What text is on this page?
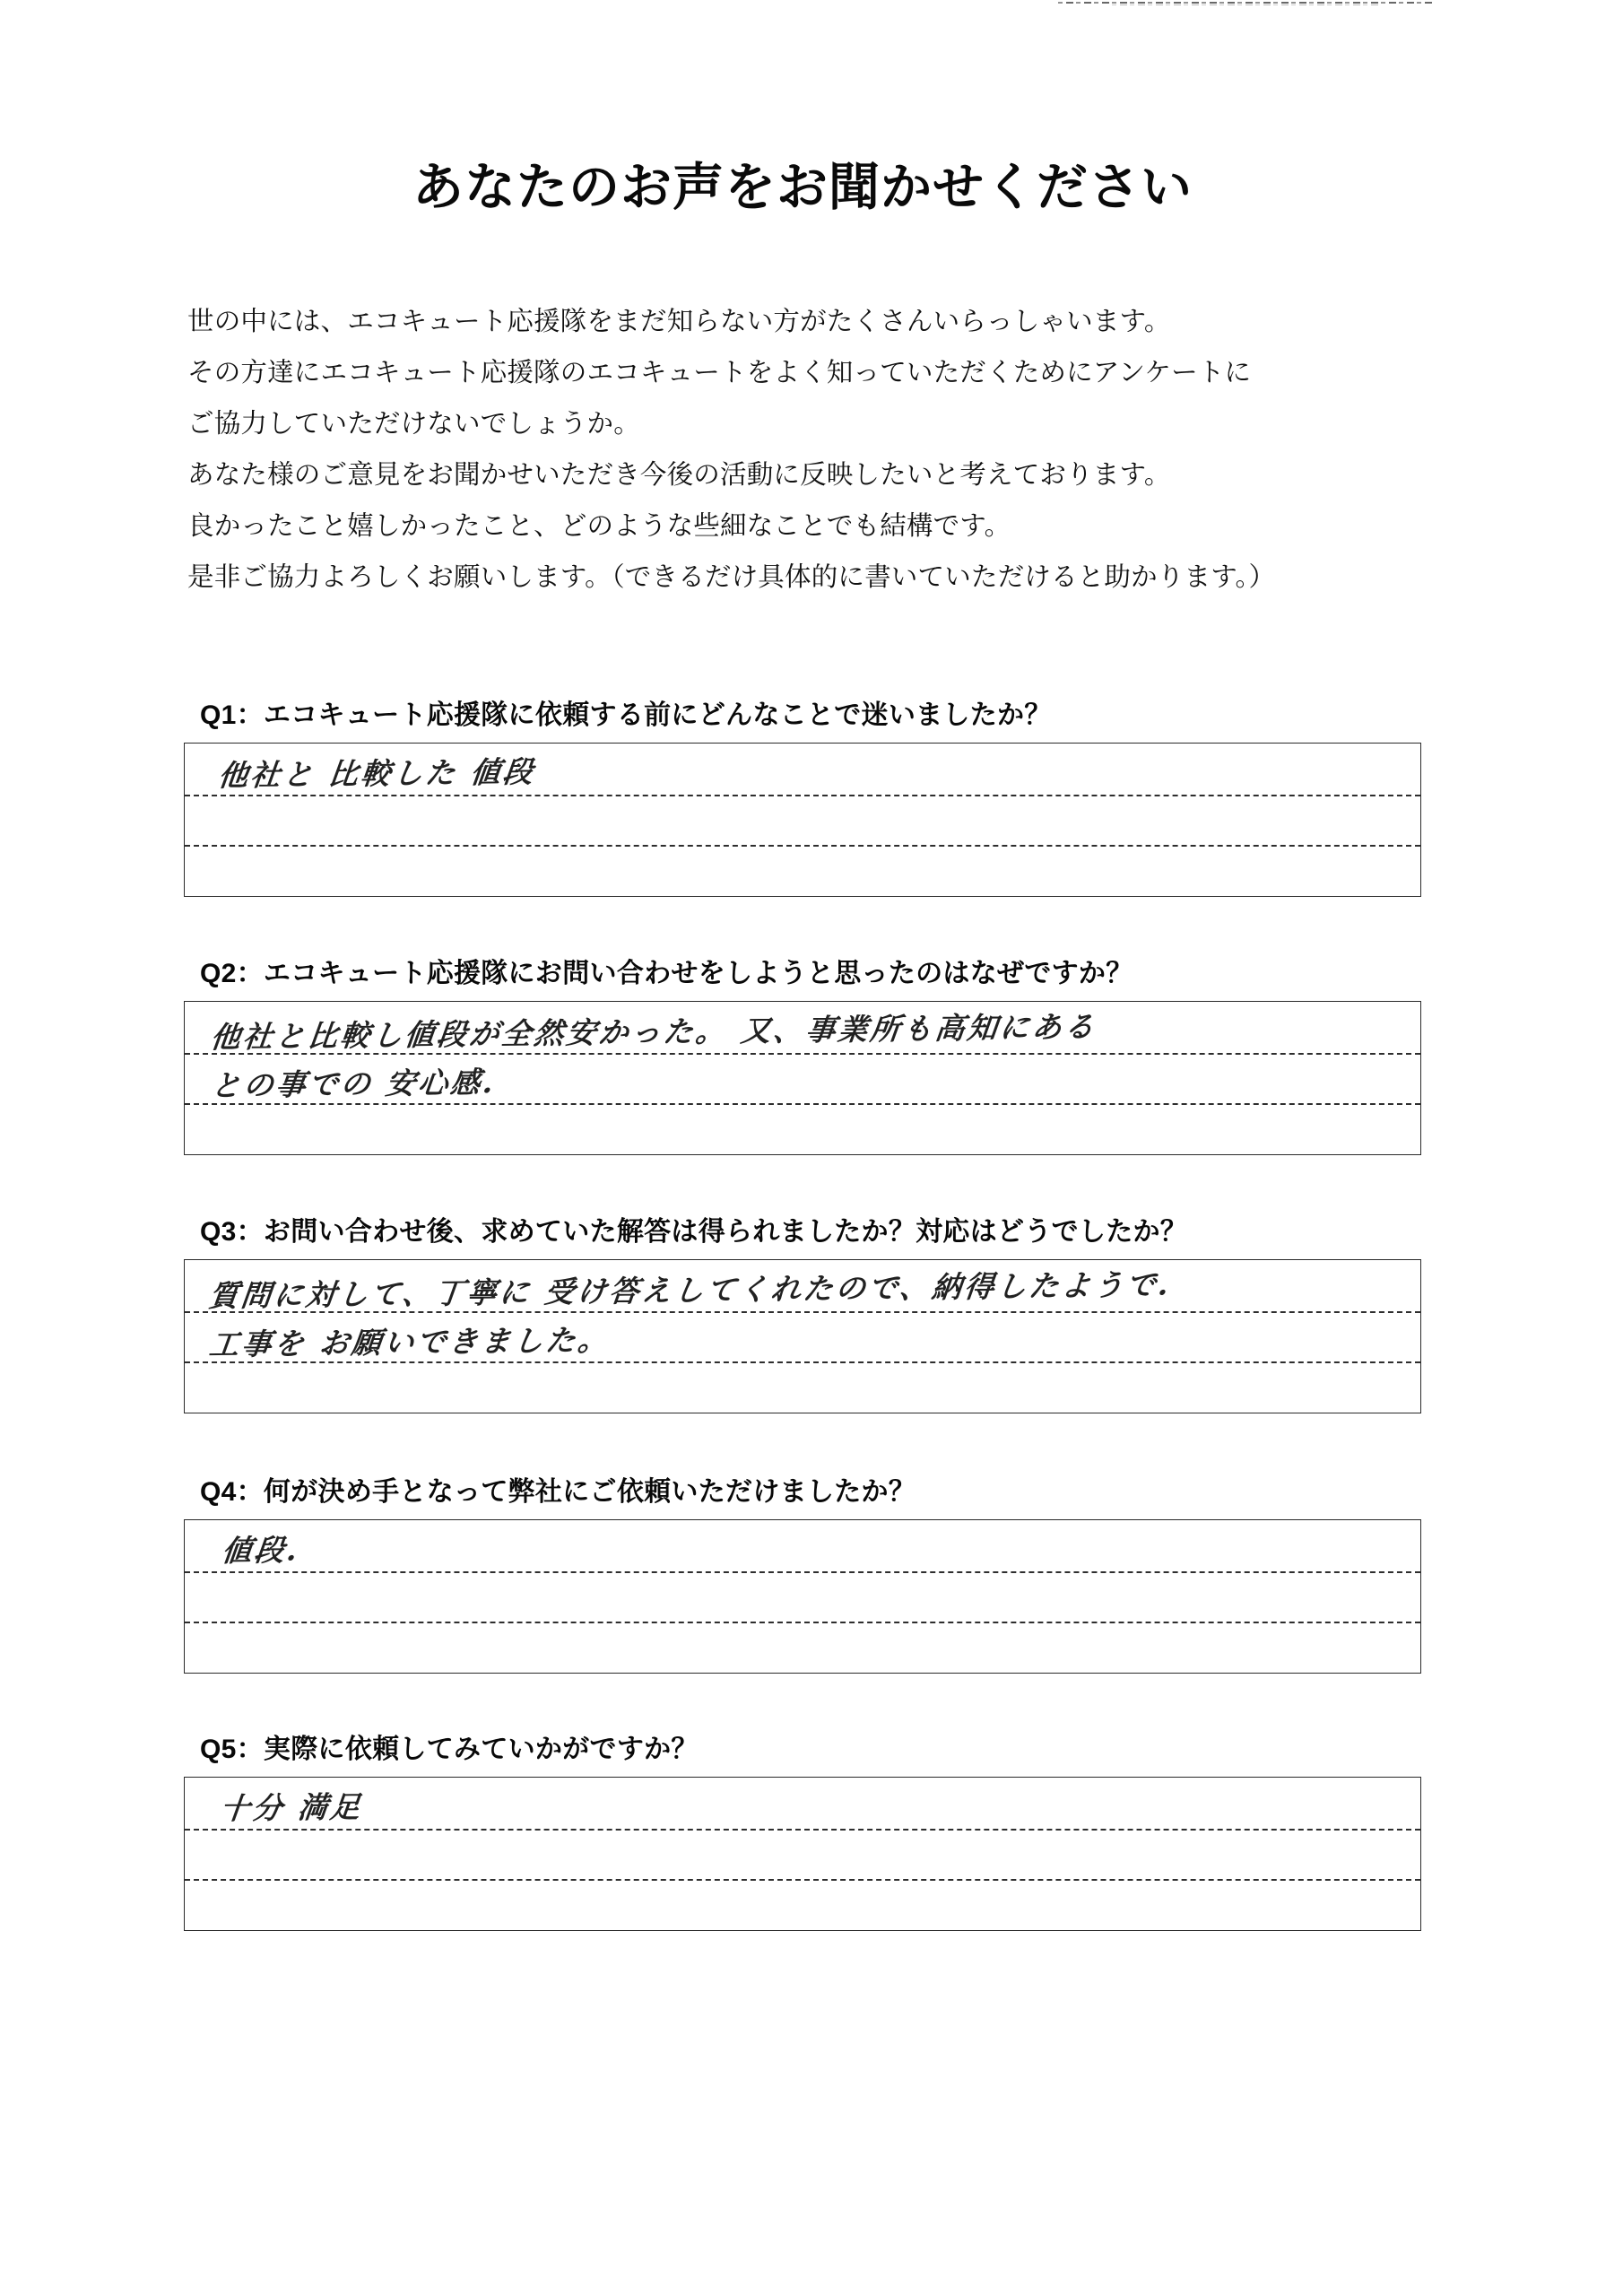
あなたのお声をお聞かせください
世の中には、エコキュート応援隊をまだ知らない方がたくさんいらっしゃいます。
その方達にエコキュート応援隊のエコキュートをよく知っていただくためにアンケートに
ご協力していただけないでしょうか。
あなた様のご意見をお聞かせいただき今後の活動に反映したいと考えております。
良かったこと嬉しかったこと、どのような些細なことでも結構です。
是非ご協力よろしくお願いします。（できるだけ具体的に書いていただけると助かります。）
Q1：エコキュート応援隊に依頼する前にどんなことで迷いましたか？
他社と 比較した 値段
Q2：エコキュート応援隊にお問い合わせをしようと思ったのはなぜですか？
他社と比較し値段が全然安かった。 又、事業所も高知にある
との事での 安心感.
Q3：お問い合わせ後、求めていた解答は得られましたか？対応はどうでしたか？
質問に対して、丁寧に 受け答えしてくれたので、納得したようで.
工事を お願いできました。
Q4：何が決め手となって弊社にご依頼いただけましたか？
値段.
Q5：実際に依頼してみていかがですか？
十分 満足
